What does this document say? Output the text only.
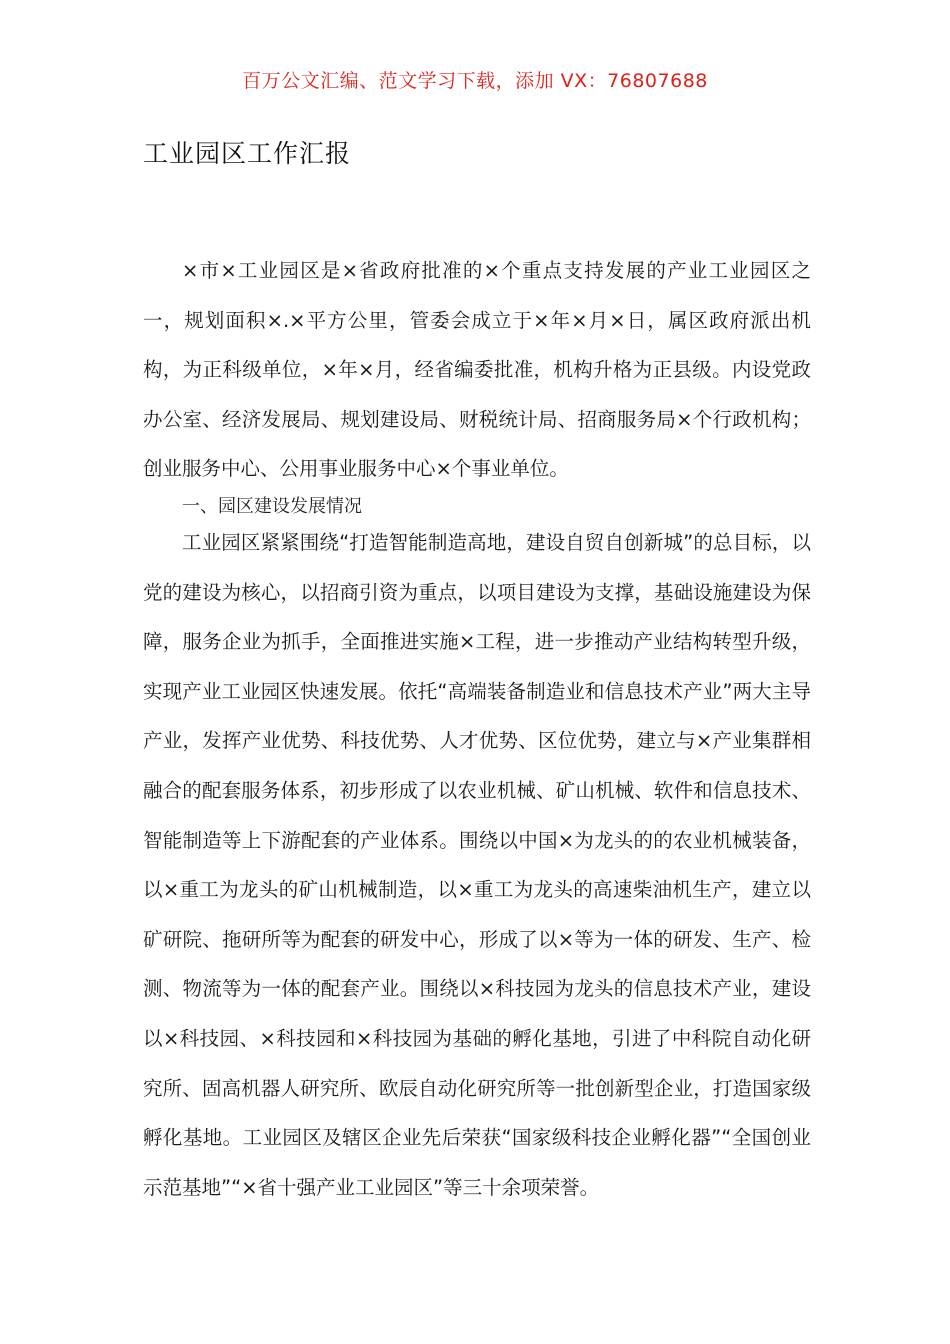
百万公文汇编、范文学习下载，添加 VX：76807688
工业园区工作汇报

×市×工业园区是×省政府批准的×个重点支持发展的产业工业园区之一，规划面积×.×平方公里，管委会成立于×年×月×日，属区政府派出机构，为正科级单位，×年×月，经省编委批准，机构升格为正县级。内设党政办公室、经济发展局、规划建设局、财税统计局、招商服务局×个行政机构；创业服务中心、公用事业服务中心×个事业单位。

一、园区建设发展情况

工业园区紧紧围绕“打造智能制造高地，建设自贸自创新城”的总目标，以党的建设为核心，以招商引资为重点，以项目建设为支撑，基础设施建设为保障，服务企业为抓手，全面推进实施×工程，进一步推动产业结构转型升级，实现产业工业园区快速发展。依托“高端装备制造业和信息技术产业”两大主导产业，发挥产业优势、科技优势、人才优势、区位优势，建立与×产业集群相融合的配套服务体系，初步形成了以农业机械、矿山机械、软件和信息技术、智能制造等上下游配套的产业体系。围绕以中国×为龙头的的农业机械装备，以×重工为龙头的矿山机械制造，以×重工为龙头的高速柴油机生产，建立以矿研院、拖研所等为配套的研发中心，形成了以×等为一体的研发、生产、检测、物流等为一体的配套产业。围绕以×科技园为龙头的信息技术产业，建设以×科技园、×科技园和×科技园为基础的孵化基地，引进了中科院自动化研究所、固高机器人研究所、欧辰自动化研究所等一批创新型企业，打造国家级孵化基地。工业园区及辖区企业先后荣获“国家级科技企业孵化器”“全国创业示范基地”“×省十强产业工业园区”等三十余项荣誉。
